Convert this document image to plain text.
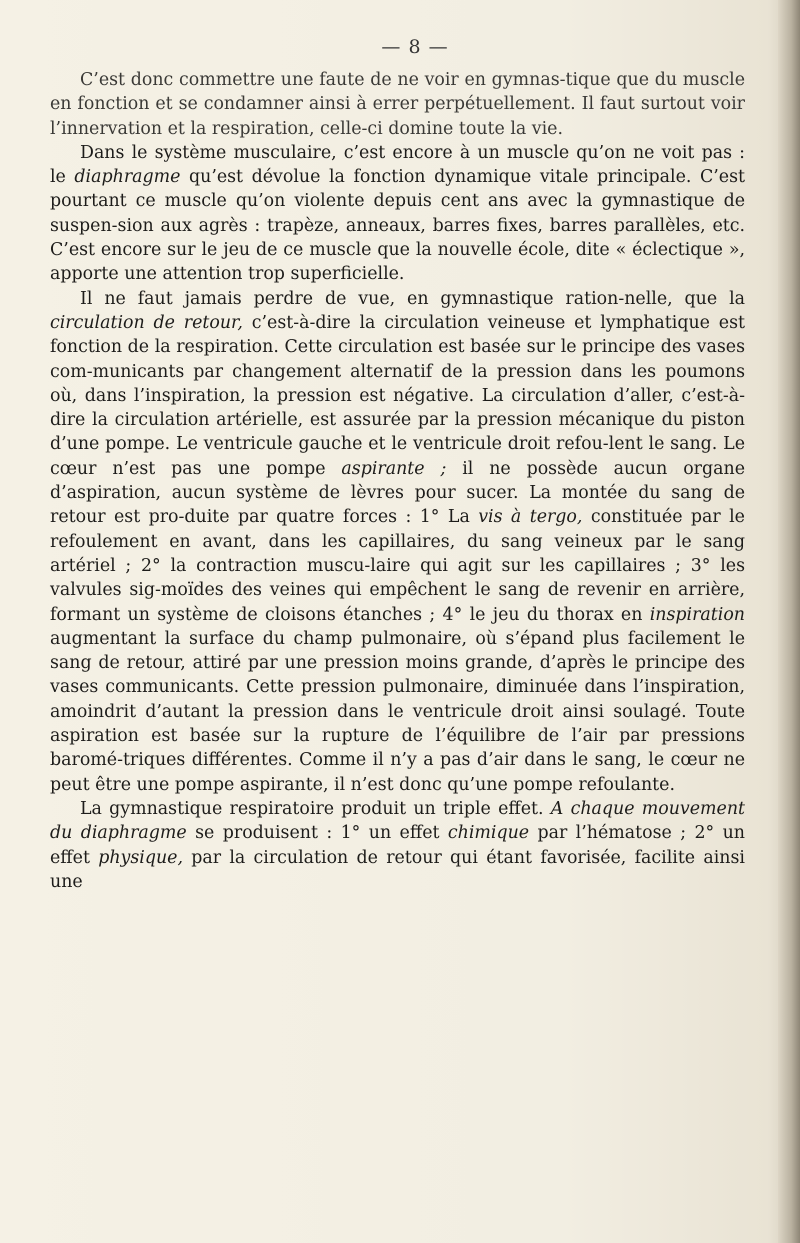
— 8 —

C’est donc commettre une faute de ne voir en gymnas-tique que du muscle en fonction et se condamner ainsi à errer perpétuellement. Il faut surtout voir l’innervation et la respiration, celle-ci domine toute la vie.

Dans le système musculaire, c’est encore à un muscle qu’on ne voit pas : le diaphragme qu’est dévolue la fonction dynamique vitale principale. C’est pourtant ce muscle qu’on violente depuis cent ans avec la gymnastique de suspen-sion aux agrès : trapèze, anneaux, barres fixes, barres parallèles, etc. C’est encore sur le jeu de ce muscle que la nouvelle école, dite « éclectique », apporte une attention trop superficielle.

Il ne faut jamais perdre de vue, en gymnastique ration-nelle, que la circulation de retour, c’est-à-dire la circulation veineuse et lymphatique est fonction de la respiration. Cette circulation est basée sur le principe des vases com-municants par changement alternatif de la pression dans les poumons où, dans l’inspiration, la pression est négative. La circulation d’aller, c’est-à-dire la circulation artérielle, est assurée par la pression mécanique du piston d’une pompe. Le ventricule gauche et le ventricule droit refou-lent le sang. Le cœur n’est pas une pompe aspirante ; il ne possède aucun organe d’aspiration, aucun système de lèvres pour sucer. La montée du sang de retour est pro-duite par quatre forces : 1° La vis à tergo, constituée par le refoulement en avant, dans les capillaires, du sang veineux par le sang artériel ; 2° la contraction muscu-laire qui agit sur les capillaires ; 3° les valvules sig-moïdes des veines qui empêchent le sang de revenir en arrière, formant un système de cloisons étanches ; 4° le jeu du thorax en inspiration augmentant la surface du champ pulmonaire, où s’épand plus facilement le sang de retour, attiré par une pression moins grande, d’après le principe des vases communicants. Cette pression pulmonaire, diminuée dans l’inspiration, amoindrit d’autant la pression dans le ventricule droit ainsi soulagé. Toute aspiration est basée sur la rupture de l’équilibre de l’air par pressions baromé-triques différentes. Comme il n’y a pas d’air dans le sang, le cœur ne peut être une pompe aspirante, il n’est donc qu’une pompe refoulante.

La gymnastique respiratoire produit un triple effet. A chaque mouvement du diaphragme se produisent : 1° un effet chimique par l’hématose ; 2° un effet physique, par la circulation de retour qui étant favorisée, facilite ainsi une
